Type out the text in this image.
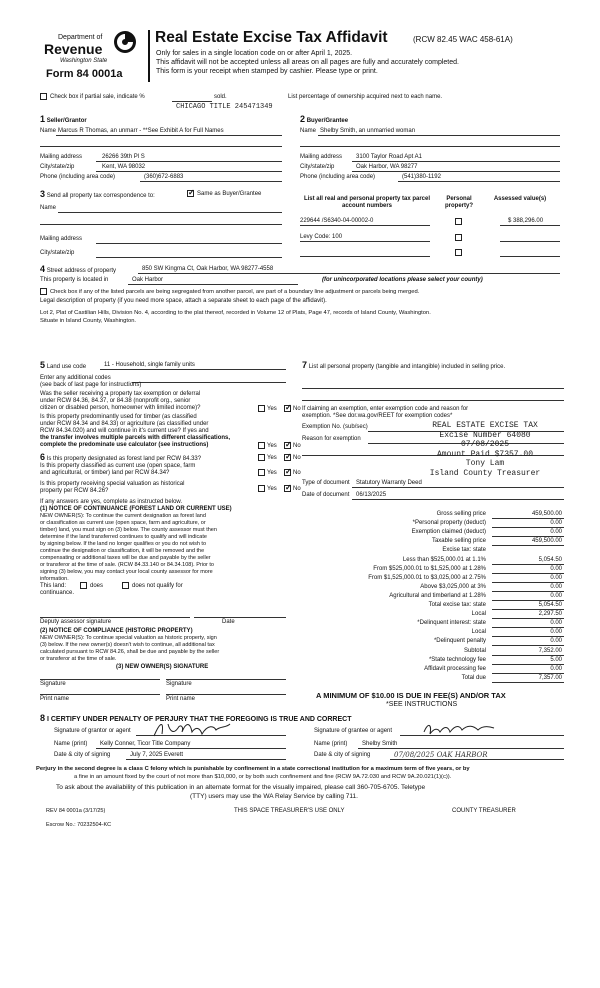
Department of
Revenue
Washington State
Form 84 0001a
Real Estate Excise Tax Affidavit	(RCW 82.45 WAC 458-61A)
Only for sales in a single location code on or after April 1, 2025.
This affidavit will not be accepted unless all areas on all pages are fully and accurately completed.
This form is your receipt when stamped by cashier. Please type or print.
Check box if partial sale, indicate %	sold.	List percentage of ownership acquired next to each name.
CHICAGO TITLE 245471349
1 Seller/Grantor
Name Marcus R Thomas, an unmarr - **See Exhibit A for Full Names
Mailing address	26266 39th Pl S
City/state/zip	Kent, WA 98032
Phone (including area code)	(360)672-6883
2 Buyer/Grantee
Name Shelby Smith, an unmarried woman
Mailing address 3100 Taylor Road Apt A1
City/state/zip	Oak Harbor, WA 98277
Phone (including area code)	(541)380-1192
3 Send all property tax correspondence to: ✓	Same as Buyer/Grantee
Name
Mailing address
City/state/zip
List all real and personal property tax parcel account numbers
Personal property?
Assessed value(s)
229644 /S6340-04-00002-0	$ 388,296.00
Levy Code: 100
4 Street address of property	850 SW Kingma Ct, Oak Harbor, WA 98277-4558
This property is located in	Oak Harbor	(for unincorporated locations please select your county)
Check box if any of the listed parcels are being segregated from another parcel, are part of a boundary line adjustment or parcels being merged.
Legal description of property (if you need more space, attach a separate sheet to each page of the affidavit).
Lot 2, Plat of Castilian Hills, Division No. 4, according to the plat thereof, recorded in Volume 12 of Plats, Page 47, records of Island County, Washington.
Situate in Island County, Washington.
5 Land use code	11 - Household, single family units
Enter any additional codes
(see back of last page for instructions)
Was the seller receiving a property tax exemption or deferral
under RCW 84.36, 84.37, or 84.38 (nonprofit org., senior
citizen or disabled person, homeowner with limited income)?	Yes ✓	No
Is this property predominantly used for timber (as classified
under RCW 84.34 and 84.33) or agriculture (as classified under
RCW 84.34.020) and will continue in it's current use? If yes and
the transfer involves multiple parcels with different classifications,
complete the predominate use calculator (see instructions)	Yes ✓	No
6 Is this property designated as forest land per RCW 84.33?	Yes ✓	No
Is this property classified as current use (open space, farm
and agricultural, or timber) land per RCW 84.34?	Yes ✓	No
Is this property receiving special valuation as historical
property per RCW 84.26?	Yes ✓	No
If any answers are yes, complete as instructed below.
(1) NOTICE OF CONTINUANCE (FOREST LAND OR CURRENT USE)
NEW OWNER(S): To continue the current designation as forest land
or classification as current use (open space, farm and agriculture, or
timber) land, you must sign on (3) below. The county assessor must then
determine if the land transferred continues to qualify and will indicate
by signing below. If the land no longer qualifies or you do not wish to
continue the designation or classification, it will be removed and the
compensating or additional taxes will be due and payable by the seller
or transferor at the time of sale. (RCW 84.33.140 or 84.34.108). Prior to
signing (3) below, you may contact your local county assessor for more
information.
This land:	does	does not qualify for
continuance.
Deputy assessor signature	Date
(2) NOTICE OF COMPLIANCE (HISTORIC PROPERTY)
NEW OWNER(S): To continue special valuation as historic property, sign
(3) below. If the new owner(s) doesn't wish to continue, all additional tax
calculated pursuant to RCW 84.26, shall be due and payable by the seller
or transferor at the time of sale.
(3) NEW OWNER(S) SIGNATURE
Signature	Signature
Print name	Print name
7 List all personal property (tangible and intangible) included in selling price.
If claiming an exemption, enter exemption code and reason for
exemption. *See dor.wa.gov/REET for exemption codes*
Exemption No. (sub/sec)
Reason for exemption
REAL ESTATE EXCISE TAX
Excise Number 64080
07/08/2025
Amount Paid $7357.00
Tony Lam
Island County Treasurer
Type of document Statutory Warranty Deed
Date of document 06/13/2025
Gross selling price	459,500.00
*Personal property (deduct)	0.00
Exemption claimed (deduct)	0.00
Taxable selling price	459,500.00
Excise tax: state
Less than $525,000.01 at 1.1%	5,054.50
From $525,000.01 to $1,525,000 at 1.28%	0.00
From $1,525,000.01 to $3,025,000 at 2.75%	0.00
Above $3,025,000 at 3%	0.00
Agricultural and timberland at 1.28%	0.00
Total excise tax: state	5,054.50
Local	2,297.50
*Delinquent interest: state	0.00
Local	0.00
*Delinquent penalty	0.00
Subtotal	7,352.00
*State technology fee	5.00
Affidavit processing fee	0.00
Total due	7,357.00
A MINIMUM OF $10.00 IS DUE IN FEE(S) AND/OR TAX
*SEE INSTRUCTIONS
8 I CERTIFY UNDER PENALTY OF PERJURY THAT THE FOREGOING IS TRUE AND CORRECT
Signature of grantor or agent
Name (print) Kelly Conner, Ticor Title Company
Date & city of signing	July 7, 2025 Everett
Signature of grantee or agent
Name (print) Shelby Smith
Date & city of signing	07/08/2025 OAK HARBOR
Perjury in the second degree is a class C felony which is punishable by confinement in a state correctional institution for a maximum term of five years, or by
a fine in an amount fixed by the court of not more than $10,000, or by both such confinement and fine (RCW 9A.72.030 and RCW 9A.20.021(1)(c)).
To ask about the availability of this publication in an alternate format for the visually impaired, please call 360-705-6705. Teletype
(TTY) users may use the WA Relay Service by calling 711.
REV 84 0001a (3/17/25)	THIS SPACE TREASURER'S USE ONLY	COUNTY TREASURER
Escrow No.: 70232504-KC
